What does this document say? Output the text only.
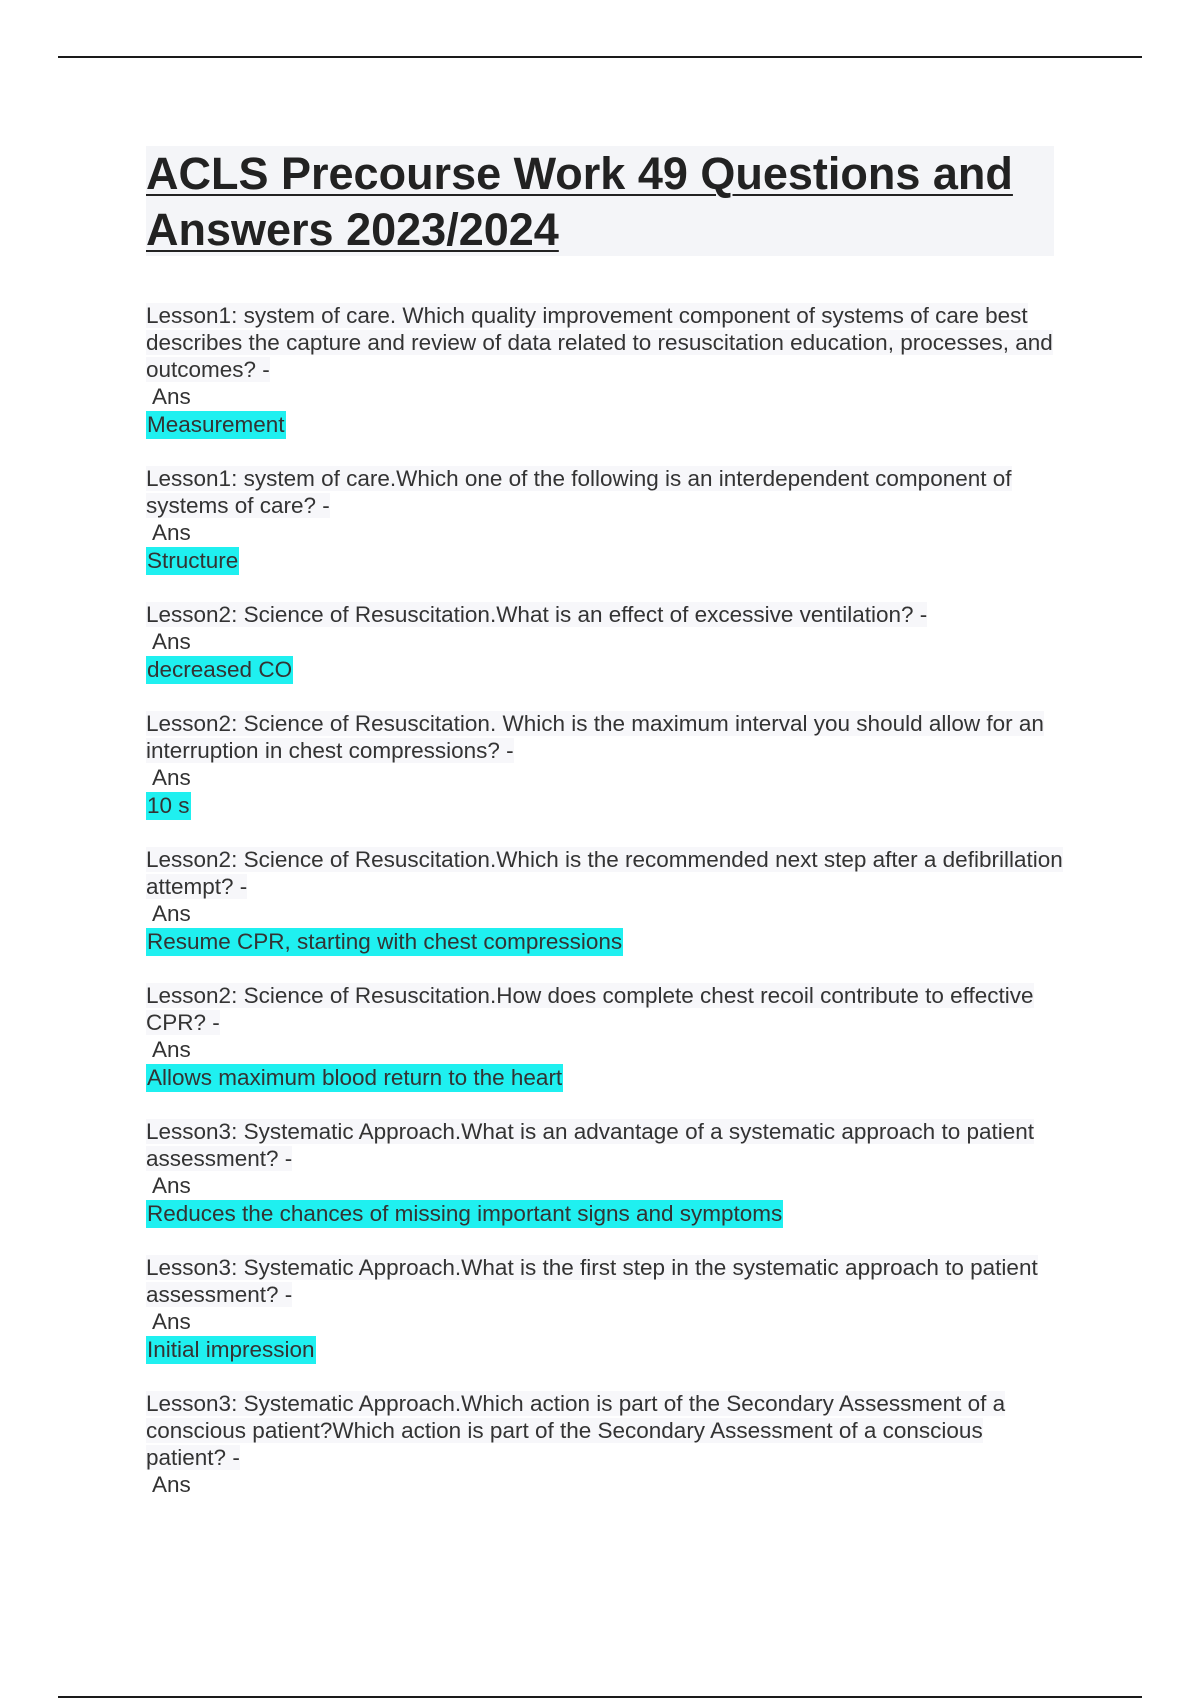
ACLS Precourse Work 49 Questions and Answers 2023/2024

Lesson1: system of care. Which quality improvement component of systems of care best describes the capture and review of data related to resuscitation education, processes, and outcomes? -

Ans
Measurement

Lesson1: system of care.Which one of the following is an interdependent component of systems of care? -

Ans
Structure

Lesson2: Science of Resuscitation.What is an effect of excessive ventilation? -

Ans
decreased CO

Lesson2: Science of Resuscitation. Which is the maximum interval you should allow for an interruption in chest compressions? -

Ans
10 s

Lesson2: Science of Resuscitation.Which is the recommended next step after a defibrillation attempt? -

Ans
Resume CPR, starting with chest compressions

Lesson2: Science of Resuscitation.How does complete chest recoil contribute to effective CPR? -

Ans
Allows maximum blood return to the heart

Lesson3: Systematic Approach.What is an advantage of a systematic approach to patient assessment? -

Ans
Reduces the chances of missing important signs and symptoms

Lesson3: Systematic Approach.What is the first step in the systematic approach to patient assessment? -

Ans
Initial impression

Lesson3: Systematic Approach.Which action is part of the Secondary Assessment of a conscious patient?Which action is part of the Secondary Assessment of a conscious patient? -

Ans
